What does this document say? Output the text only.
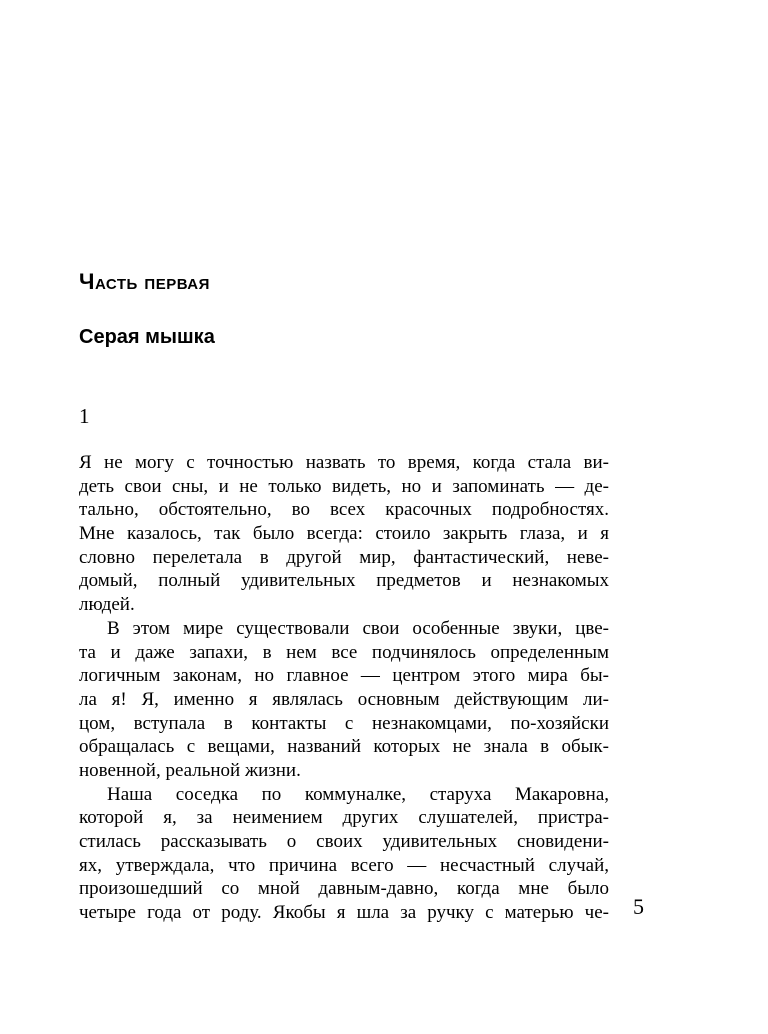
Часть первая
Серая мышка
1

Я не могу с точностью назвать то время, когда стала ви-
деть свои сны, и не только видеть, но и запоминать — де-
тально, обстоятельно, во всех красочных подробностях.
Мне казалось, так было всегда: стоило закрыть глаза, и я
словно перелетала в другой мир, фантастический, неве-
домый, полный удивительных предметов и незнакомых
людей.

В этом мире существовали свои особенные звуки, цве-
та и даже запахи, в нем все подчинялось определенным
логичным законам, но главное — центром этого мира бы-
ла я! Я, именно я являлась основным действующим ли-
цом, вступала в контакты с незнакомцами, по-хозяйски
обращалась с вещами, названий которых не знала в обык-
новенной, реальной жизни.

Наша соседка по коммуналке, старуха Макаровна,
которой я, за неимением других слушателей, пристра-
стилась рассказывать о своих удивительных сновидени-
ях, утверждала, что причина всего — несчастный случай,
произошедший со мной давным-давно, когда мне было
четыре года от роду. Якобы я шла за ручку с матерью че- 5
